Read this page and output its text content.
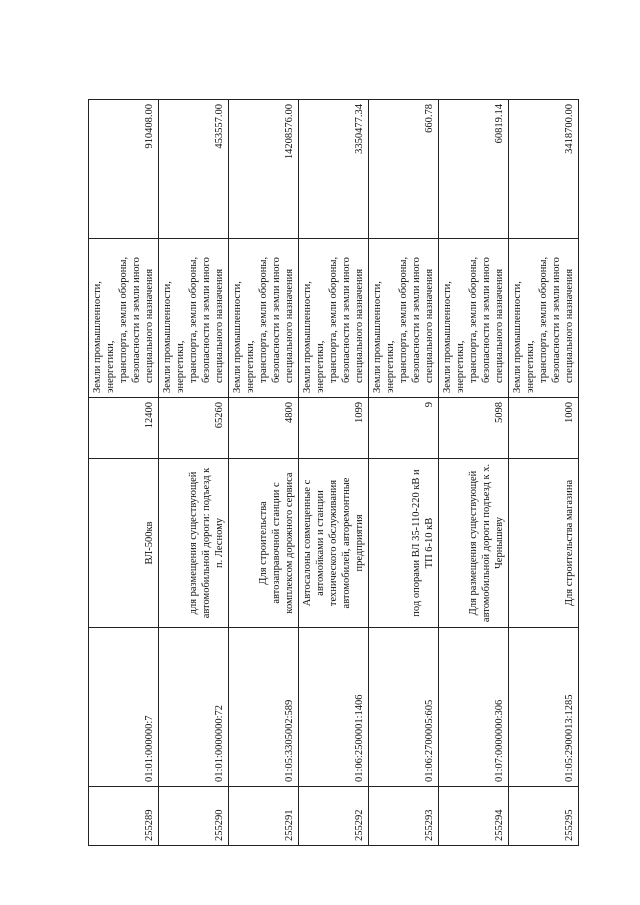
255289	01:01:000000:7	ВЛ-500кв	12400	Земли промышленности, энергетики, транспорта, земли обороны, безопасности и земли иного специального назначения	910408.00
255290	01:01:0000000:72	для размещения существующей автомобильной дороги: подъезд к п. Лесному	65260	Земли промышленности, энергетики, транспорта, земли обороны, безопасности и земли иного специального назначения	453557.00
255291	01:05:3305002:589	Для строительства автозаправочной станции с комплексом дорожного сервиса	4800	Земли промышленности, энергетики, транспорта, земли обороны, безопасности и земли иного специального назначения	14208576.00
255292	01:06:2500001:1406	Автосалоны совмещенные с автомойками и станции технического обслуживания автомобилей, авторемонтные предприятия	1099	Земли промышленности, энергетики, транспорта, земли обороны, безопасности и земли иного специального назначения	3350477.34
255293	01:06:2700005:605	под опорами ВЛ 35-110-220 кВ и ТП 6-10 кВ	9	Земли промышленности, энергетики, транспорта, земли обороны, безопасности и земли иного специального назначения	660.78
255294	01:07:0000000:306	Для размещения существующей автомобильной дороги подъезд к х. Чернышеву	5098	Земли промышленности, энергетики, транспорта, земли обороны, безопасности и земли иного специального назначения	60819.14
255295	01:05:2900013:1285	Для строительства магазина	1000	Земли промышленности, энергетики, транспорта, земли обороны, безопасности и земли иного специального назначения	3418700.00
